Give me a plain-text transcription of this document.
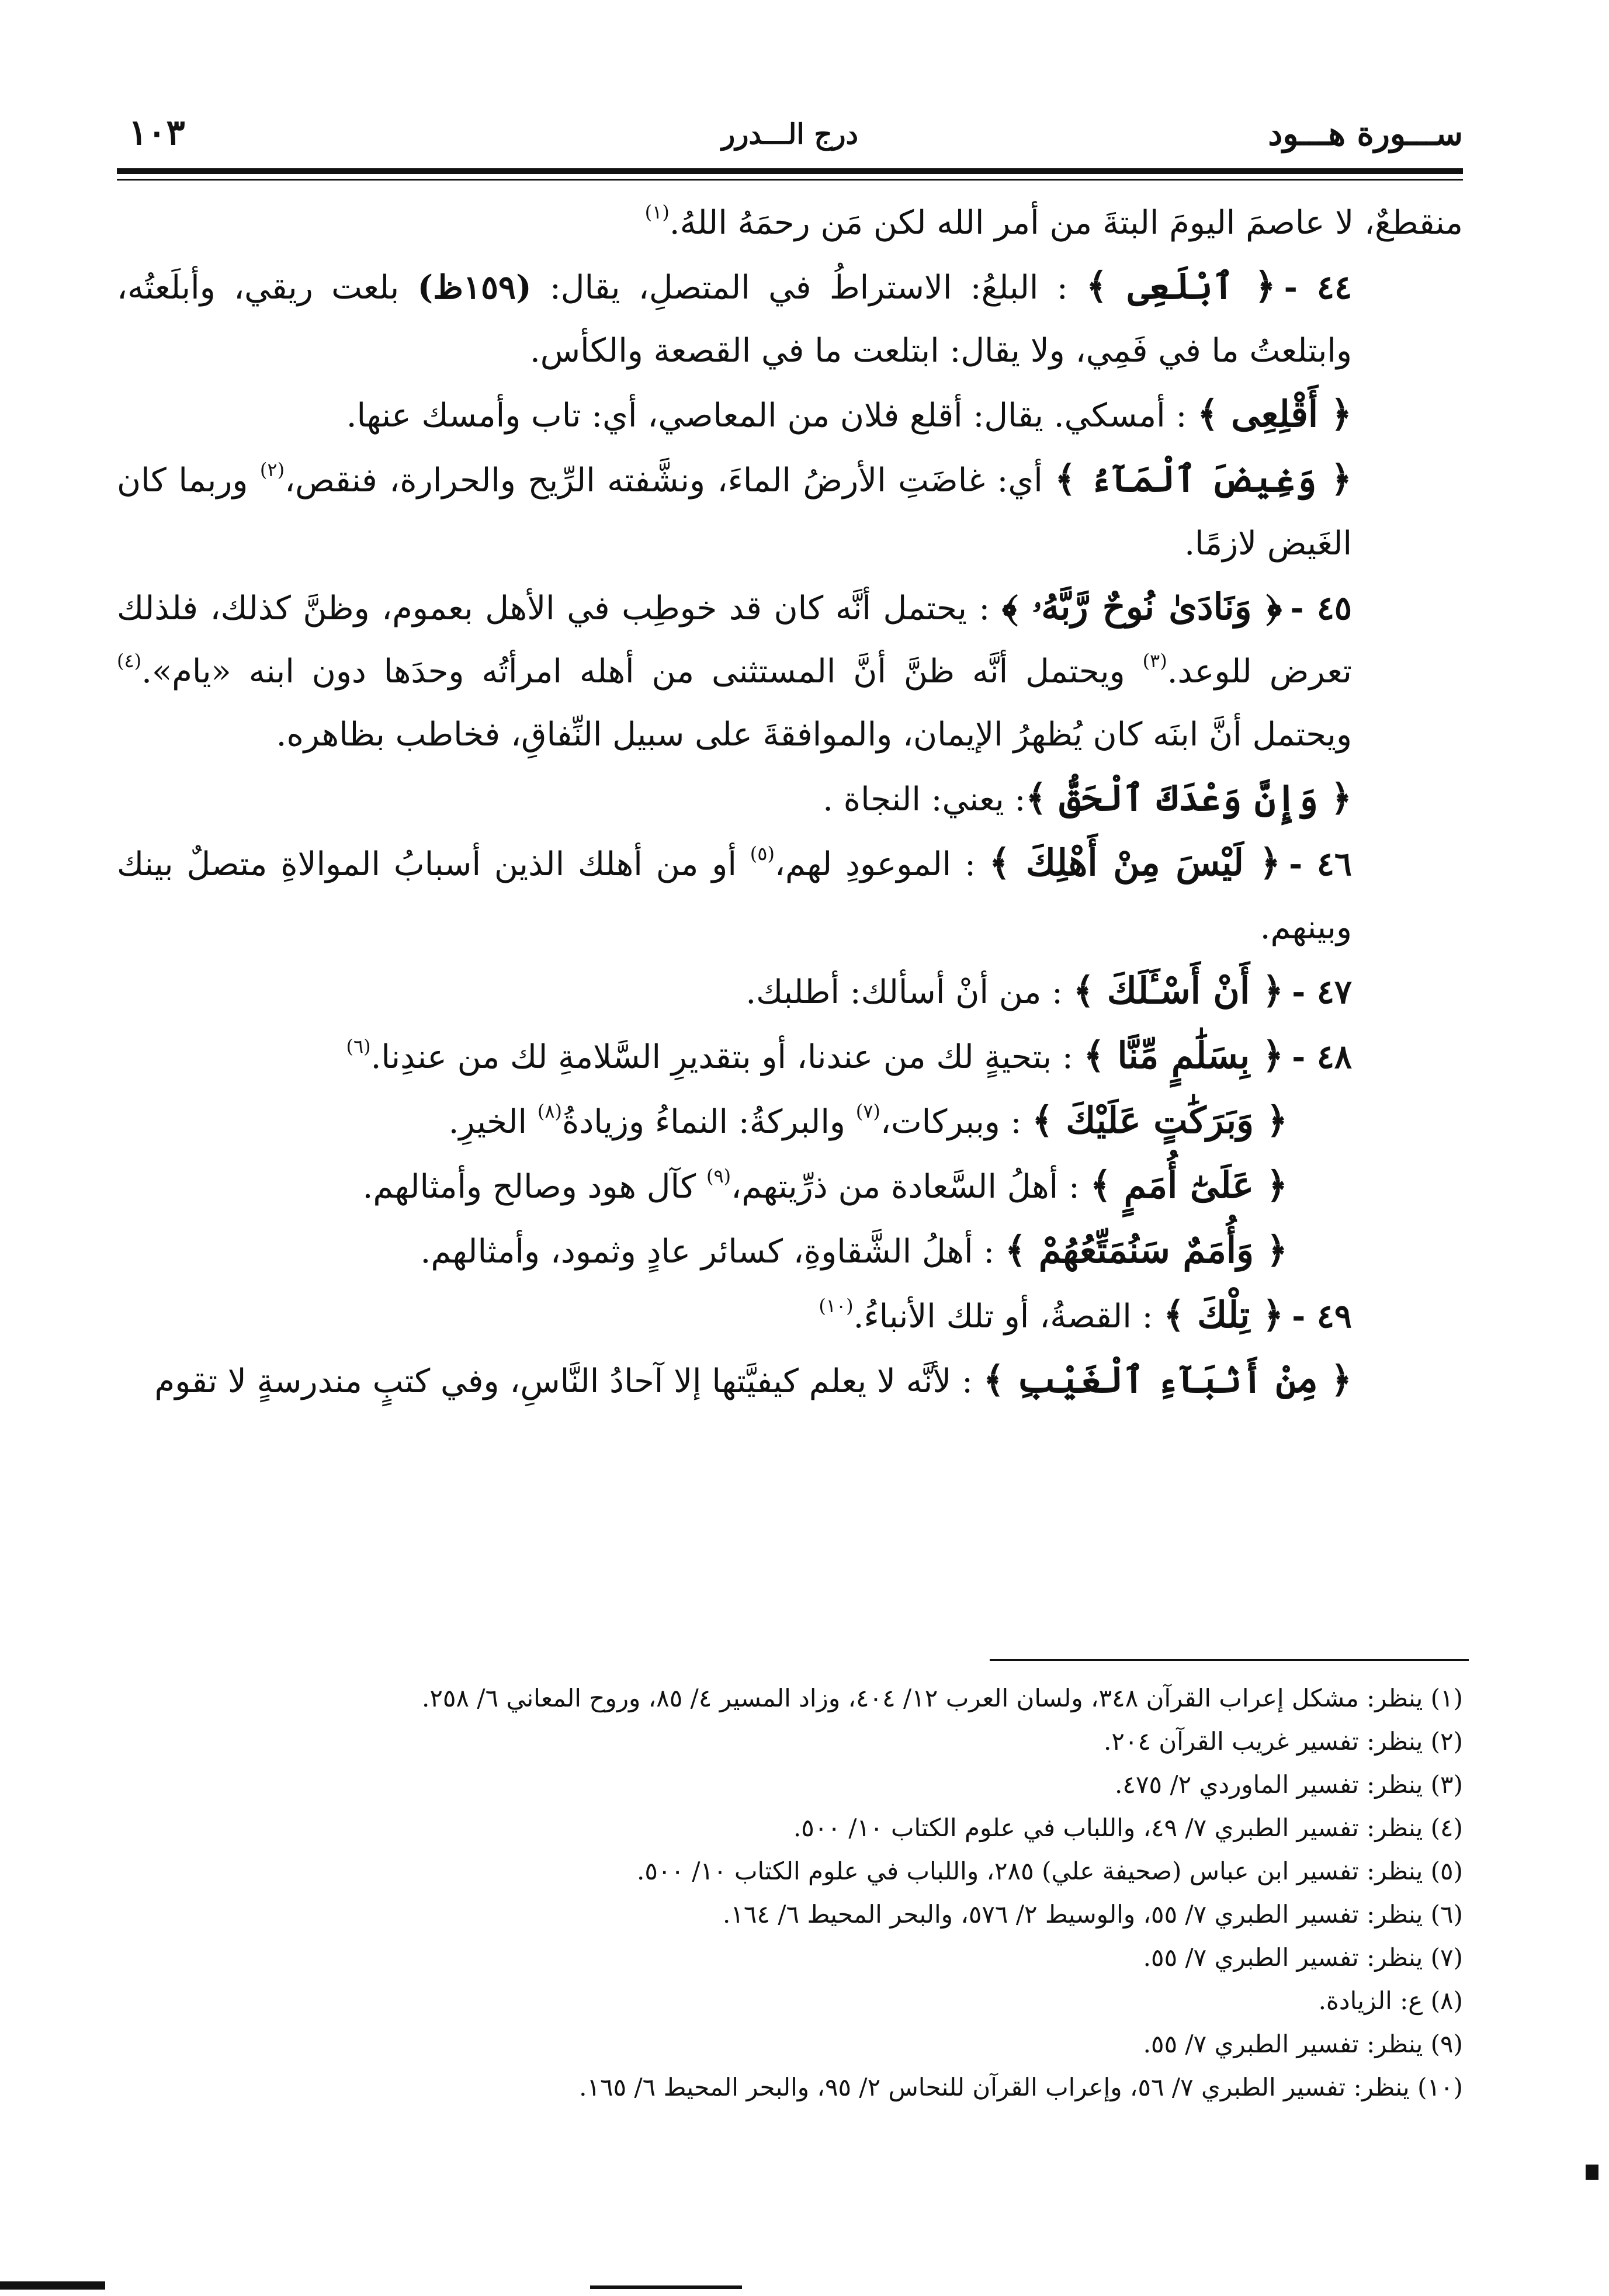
ســـورة هـــود
درج الـــدرر
١٠٣

منقطعٌ، لا عاصمَ اليومَ البتةَ من أمر الله لكن مَن رحمَهُ اللهُ.$^{(١)}$

٤٤ -﴿ ٱبْلَعِى ﴾ : البلعُ: الاستراطُ في المتصلِ، يقال: (١٥٩ظ) بلعت ريقي، وأبلَعتُه، وابتلعتُ ما في فَمِي، ولا يقال: ابتلعت ما في القصعة والكأس.

﴿ أَقْلِعِى ﴾ : أمسكي. يقال: أقلع فلان من المعاصي، أي: تاب وأمسك عنها.

﴿ وَغِيضَ ٱلْمَآءُ ﴾ أي: غاضَتِ الأرضُ الماءَ، ونشَّفته الرِّيح والحرارة، فنقص،$^{(٢)}$ وربما كان الغَيض لازمًا.

٤٥ -﴿ وَنَادَىٰ نُوحٌ رَّبَّهُۥ ﴾ : يحتمل أنَّه كان قد خوطِب في الأهل بعموم، وظنَّ كذلك، فلذلك تعرض للوعد.$^{(٣)}$ ويحتمل أنَّه ظنَّ أنَّ المستثنى من أهله امرأتُه وحدَها دون ابنه «يام».$^{(٤)}$ ويحتمل أنَّ ابنَه كان يُظهرُ الإيمان، والموافقةَ على سبيل النِّفاقِ، فخاطب بظاهره.

﴿ وَإِنَّ وَعْدَكَ ٱلْحَقُّ ﴾: يعني: النجاة .

٤٦ -﴿ لَيْسَ مِنْ أَهْلِكَ ﴾ : الموعودِ لهم،$^{(٥)}$ أو من أهلك الذين أسبابُ الموالاةِ متصلٌ بينك وبينهم.

٤٧ -﴿ أَنْ أَسْـَٔلَكَ ﴾ : من أنْ أسألك: أطلبك.

٤٨ -﴿ بِسَلَٰمٍ مِّنَّا ﴾ : بتحيةٍ لك من عندنا، أو بتقديرِ السَّلامةِ لك من عندِنا.$^{(٦)}$

﴿ وَبَرَكَٰتٍ عَلَيْكَ ﴾ : وببركات،$^{(٧)}$ والبركةُ: النماءُ وزيادةُ$^{(٨)}$ الخيرِ.

﴿ عَلَىٰٓ أُمَمٍ ﴾ : أهلُ السَّعادة من ذرِّيتهم،$^{(٩)}$ كآل هود وصالح وأمثالهم.

﴿ وَأُمَمٌ سَنُمَتِّعُهُمْ ﴾ : أهلُ الشَّقاوةِ، كسائر عادٍ وثمود، وأمثالهم.

٤٩ -﴿ تِلْكَ ﴾ : القصةُ، أو تلك الأنباءُ.$^{(١٠)}$

﴿ مِنْ أَنۢبَآءِ ٱلْغَيْبِ ﴾ : لأنَّه لا يعلم كيفيَّتها إلا آحادُ النَّاسِ، وفي كتبٍ مندرسةٍ لا تقوم

(١) ينظر: مشكل إعراب القرآن ٣٤٨، ولسان العرب ١٢/ ٤٠٤، وزاد المسير ٤/ ٨٥، وروح المعاني ٦/ ٢٥٨.
(٢) ينظر: تفسير غريب القرآن ٢٠٤.
(٣) ينظر: تفسير الماوردي ٢/ ٤٧٥.
(٤) ينظر: تفسير الطبري ٧/ ٤٩، واللباب في علوم الكتاب ١٠/ ٥٠٠.
(٥) ينظر: تفسير ابن عباس (صحيفة علي) ٢٨٥، واللباب في علوم الكتاب ١٠/ ٥٠٠.
(٦) ينظر: تفسير الطبري ٧/ ٥٥، والوسيط ٢/ ٥٧٦، والبحر المحيط ٦/ ١٦٤.
(٧) ينظر: تفسير الطبري ٧/ ٥٥.
(٨) ع: الزيادة.
(٩) ينظر: تفسير الطبري ٧/ ٥٥.
(١٠) ينظر: تفسير الطبري ٧/ ٥٦، وإعراب القرآن للنحاس ٢/ ٩٥، والبحر المحيط ٦/ ١٦٥.
